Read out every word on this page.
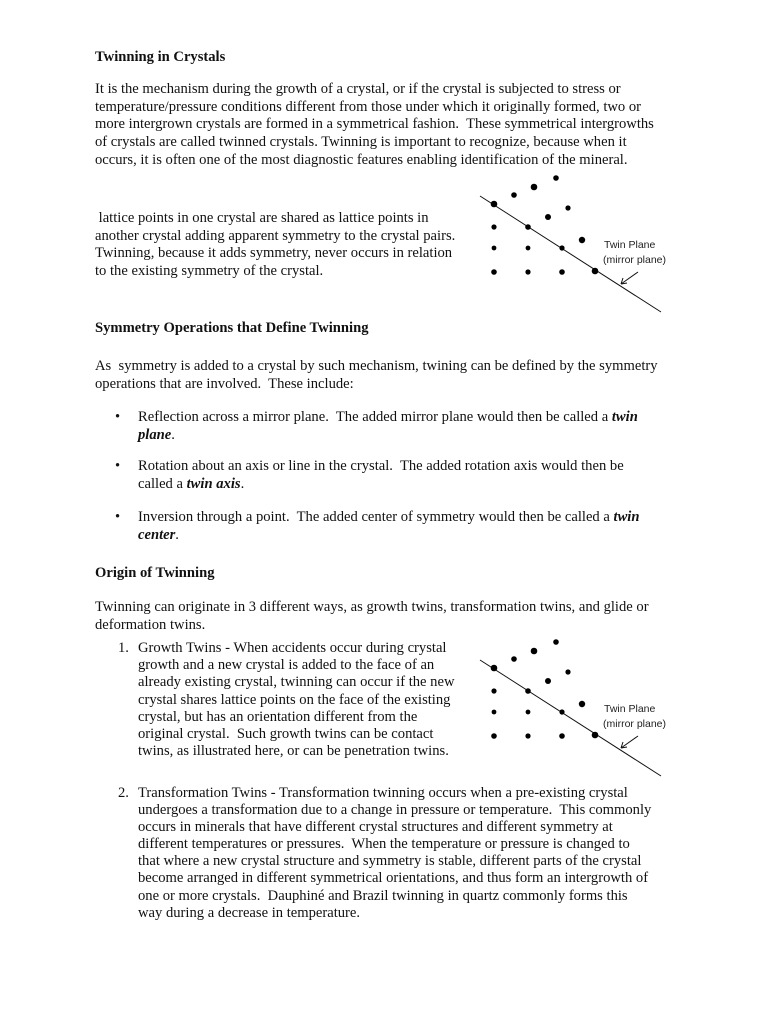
Twinning in Crystals
It is the mechanism during the growth of a crystal, or if the crystal is subjected to stress or
temperature/pressure conditions different from those under which it originally formed, two or
more intergrown crystals are formed in a symmetrical fashion.  These symmetrical intergrowths
of crystals are called twinned crystals. Twinning is important to recognize, because when it
occurs, it is often one of the most diagnostic features enabling identification of the mineral.
lattice points in one crystal are shared as lattice points in
another crystal adding apparent symmetry to the crystal pairs.
Twinning, because it adds symmetry, never occurs in relation
to the existing symmetry of the crystal.
Twin Plane
(mirror plane)
Twin Plane
(mirror plane)
Symmetry Operations that Define Twinning
As  symmetry is added to a crystal by such mechanism, twining can be defined by the symmetry
operations that are involved.  These include:
• Reflection across a mirror plane.  The added mirror plane would then be called a twin
plane.
• Rotation about an axis or line in the crystal.  The added rotation axis would then be
called a twin axis.
• Inversion through a point.  The added center of symmetry would then be called a twin
center.
Origin of Twinning
Twinning can originate in 3 different ways, as growth twins, transformation twins, and glide or
deformation twins.
1. Growth Twins - When accidents occur during crystal
growth and a new crystal is added to the face of an
already existing crystal, twinning can occur if the new
crystal shares lattice points on the face of the existing
crystal, but has an orientation different from the
original crystal.  Such growth twins can be contact
twins, as illustrated here, or can be penetration twins.
2. Transformation Twins - Transformation twinning occurs when a pre-existing crystal
undergoes a transformation due to a change in pressure or temperature.  This commonly
occurs in minerals that have different crystal structures and different symmetry at
different temperatures or pressures.  When the temperature or pressure is changed to
that where a new crystal structure and symmetry is stable, different parts of the crystal
become arranged in different symmetrical orientations, and thus form an intergrowth of
one or more crystals.  Dauphiné and Brazil twinning in quartz commonly forms this
way during a decrease in temperature.
